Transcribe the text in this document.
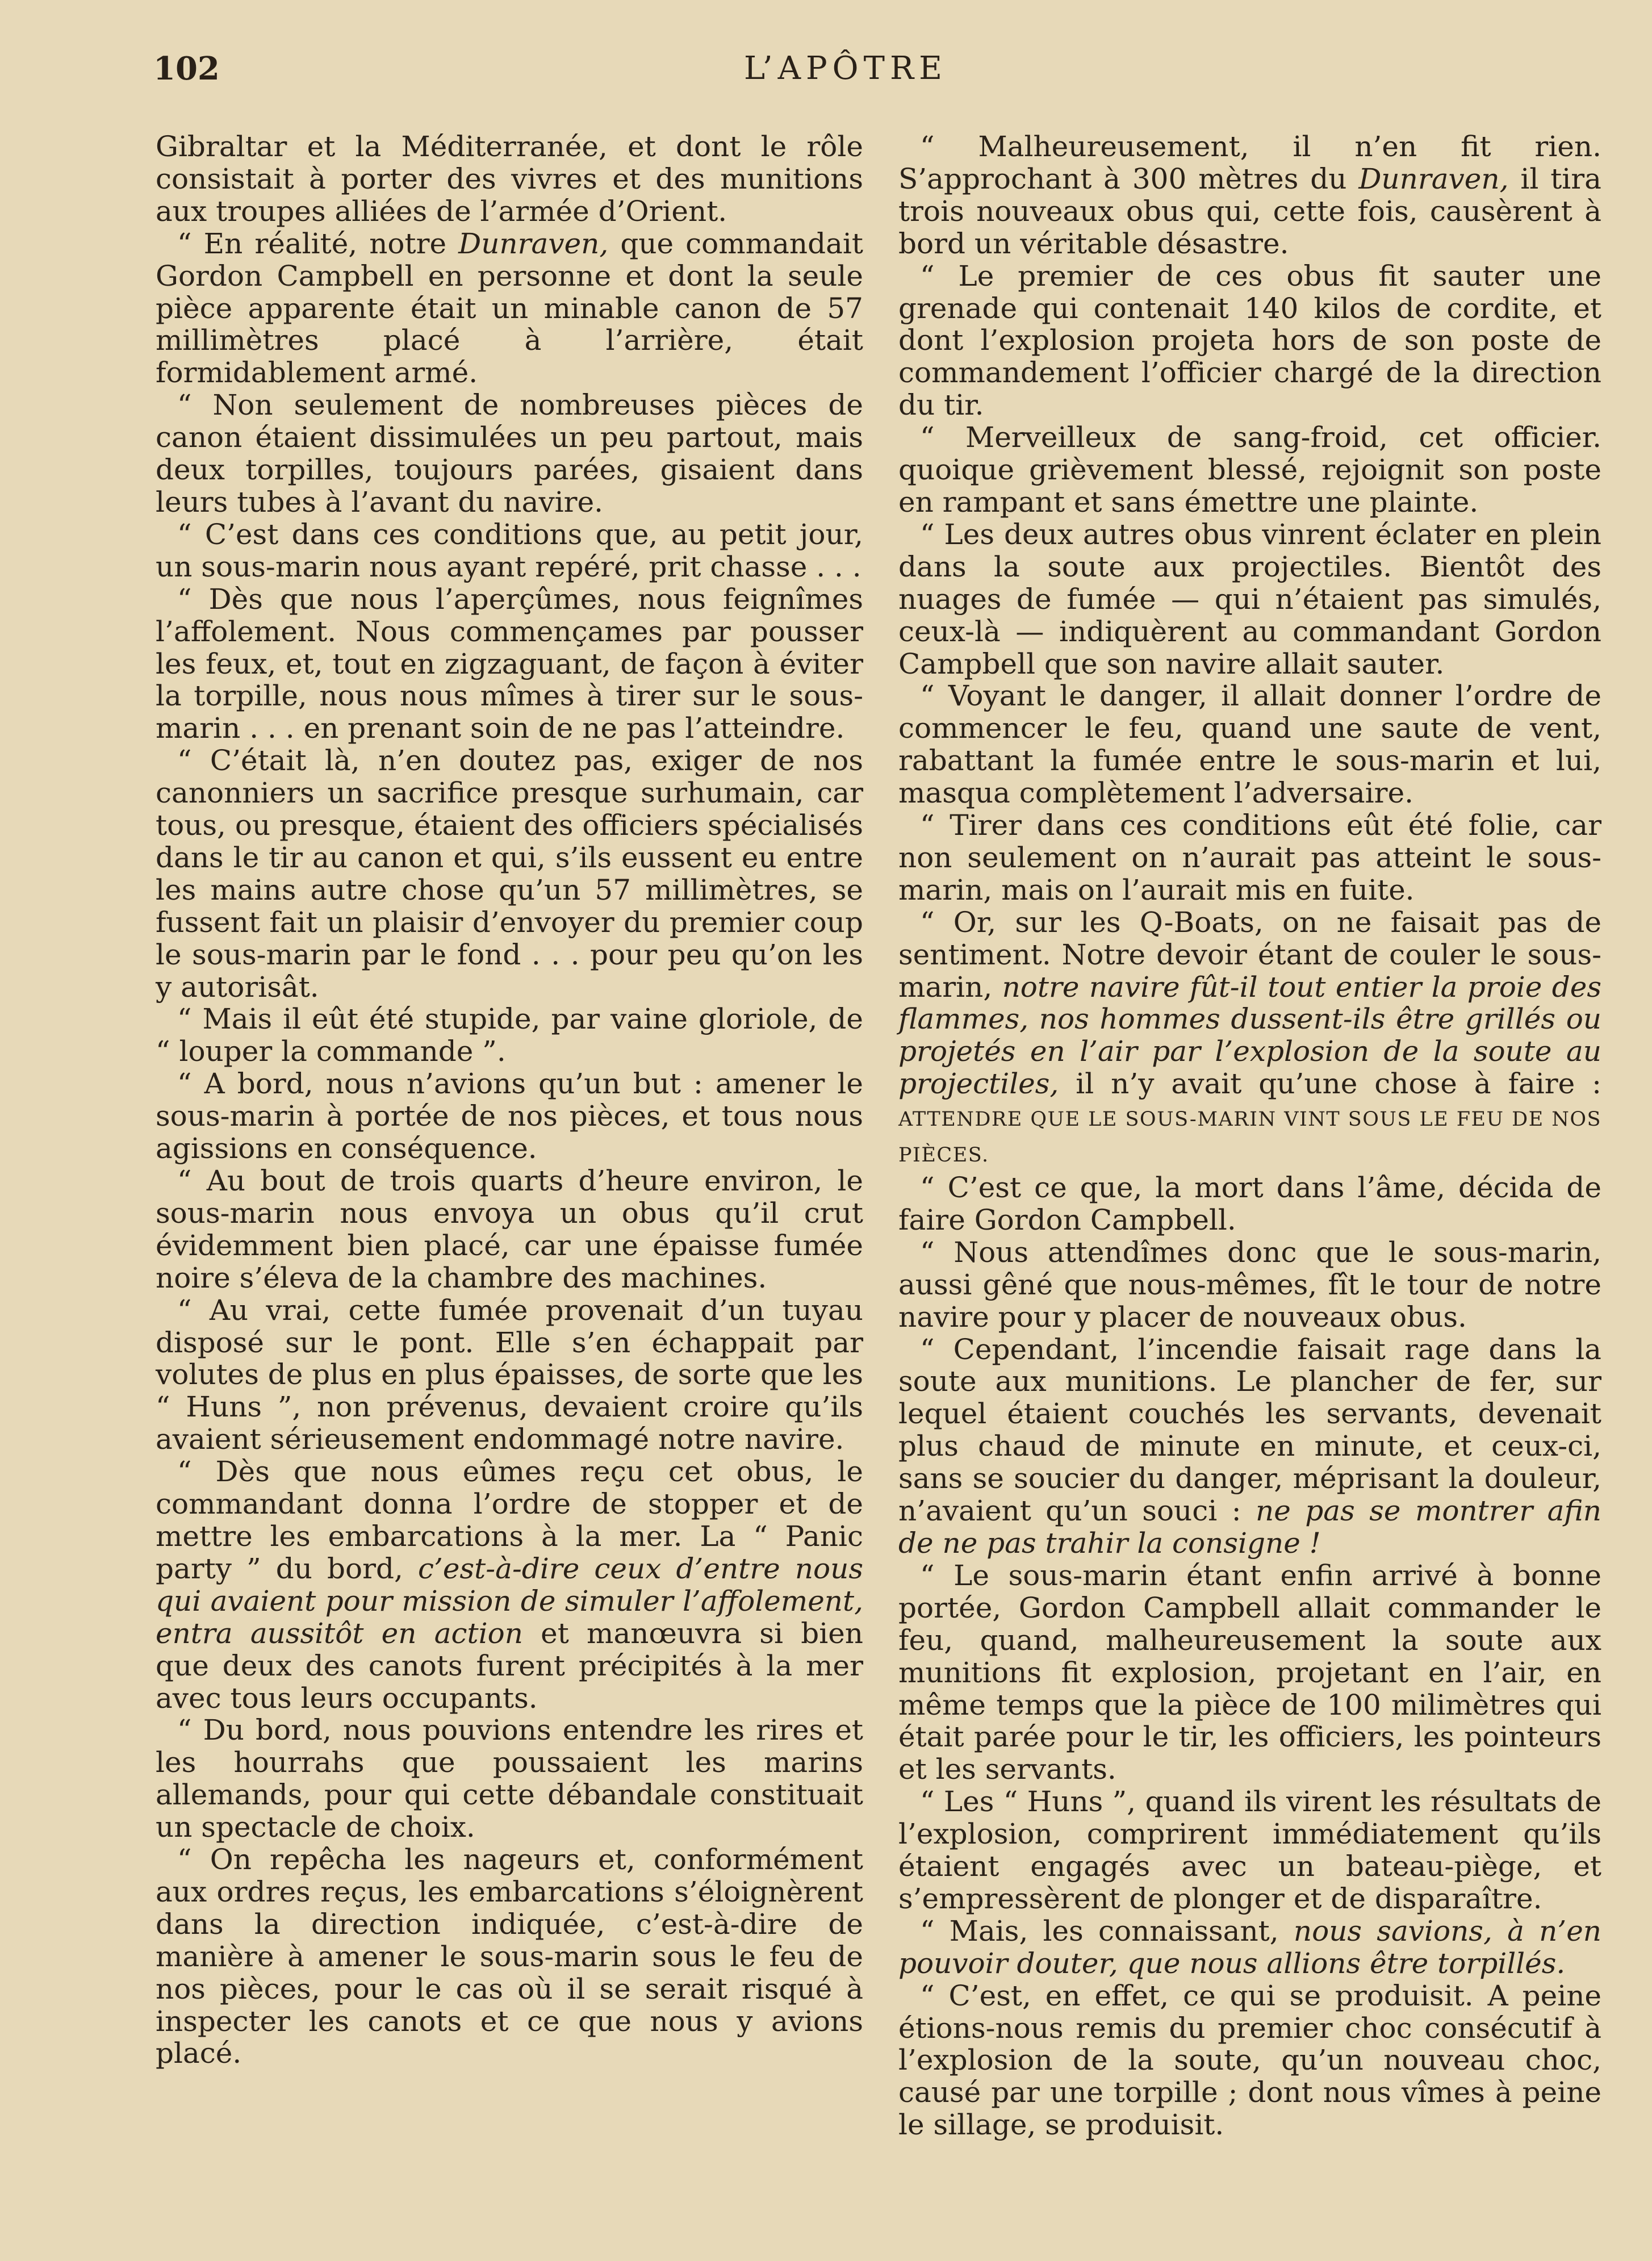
102	L’APÔTRE

Gibraltar et la Méditerranée, et dont le rôle consistait à porter des vivres et des munitions aux troupes alliées de l’armée d’Orient.

“ En réalité, notre Dunraven, que commandait Gordon Campbell en personne et dont la seule pièce apparente était un minable canon de 57 millimètres placé à l’arrière, était formidablement armé.

“ Non seulement de nombreuses pièces de canon étaient dissimulées un peu partout, mais deux torpilles, toujours parées, gisaient dans leurs tubes à l’avant du navire.

“ C’est dans ces conditions que, au petit jour, un sous-marin nous ayant repéré, prit chasse . . .

“ Dès que nous l’aperçûmes, nous feignîmes l’affolement. Nous commençames par pousser les feux, et, tout en zigzaguant, de façon à éviter la torpille, nous nous mîmes à tirer sur le sous-marin . . . en prenant soin de ne pas l’atteindre.

“ C’était là, n’en doutez pas, exiger de nos canonniers un sacrifice presque surhumain, car tous, ou presque, étaient des officiers spécialisés dans le tir au canon et qui, s’ils eussent eu entre les mains autre chose qu’un 57 millimètres, se fussent fait un plaisir d’envoyer du premier coup le sous-marin par le fond . . . pour peu qu’on les y autorisât.

“ Mais il eût été stupide, par vaine gloriole, de “ louper la commande ”.

“ A bord, nous n’avions qu’un but : amener le sous-marin à portée de nos pièces, et tous nous agissions en conséquence.

“ Au bout de trois quarts d’heure environ, le sous-marin nous envoya un obus qu’il crut évidemment bien placé, car une épaisse fumée noire s’éleva de la chambre des machines.

“ Au vrai, cette fumée provenait d’un tuyau disposé sur le pont. Elle s’en échappait par volutes de plus en plus épaisses, de sorte que les “ Huns ”, non prévenus, devaient croire qu’ils avaient sérieusement endommagé notre navire.

“ Dès que nous eûmes reçu cet obus, le commandant donna l’ordre de stopper et de mettre les embarcations à la mer. La “ Panic party ” du bord, c’est-à-dire ceux d’entre nous qui avaient pour mission de simuler l’affolement, entra aussitôt en action et manœuvra si bien que deux des canots furent précipités à la mer avec tous leurs occupants.

“ Du bord, nous pouvions entendre les rires et les hourrahs que poussaient les marins allemands, pour qui cette débandale constituait un spectacle de choix.

“ On repêcha les nageurs et, conformément aux ordres reçus, les embarcations s’éloignèrent dans la direction indiquée, c’est-à-dire de manière à amener le sous-marin sous le feu de nos pièces, pour le cas où il se serait risqué à inspecter les canots et ce que nous y avions placé.

“ Malheureusement, il n’en fit rien. S’approchant à 300 mètres du Dunraven, il tira trois nouveaux obus qui, cette fois, causèrent à bord un véritable désastre.

“ Le premier de ces obus fit sauter une grenade qui contenait 140 kilos de cordite, et dont l’explosion projeta hors de son poste de commandement l’officier chargé de la direction du tir.

“ Merveilleux de sang-froid, cet officier. quoique grièvement blessé, rejoignit son poste en rampant et sans émettre une plainte.

“ Les deux autres obus vinrent éclater en plein dans la soute aux projectiles. Bientôt des nuages de fumée — qui n’étaient pas simulés, ceux-là — indiquèrent au commandant Gordon Campbell que son navire allait sauter.

“ Voyant le danger, il allait donner l’ordre de commencer le feu, quand une saute de vent, rabattant la fumée entre le sous-marin et lui, masqua complètement l’adversaire.

“ Tirer dans ces conditions eût été folie, car non seulement on n’aurait pas atteint le sous-marin, mais on l’aurait mis en fuite.

“ Or, sur les Q-Boats, on ne faisait pas de sentiment. Notre devoir étant de couler le sous-marin, notre navire fût-il tout entier la proie des flammes, nos hommes dussent-ils être grillés ou projetés en l’air par l’explosion de la soute au projectiles, il n’y avait qu’une chose à faire : ATTENDRE QUE LE SOUS-MARIN VINT SOUS LE FEU DE NOS PIÈCES.

“ C’est ce que, la mort dans l’âme, décida de faire Gordon Campbell.

“ Nous attendîmes donc que le sous-marin, aussi gêné que nous-mêmes, fît le tour de notre navire pour y placer de nouveaux obus.

“ Cependant, l’incendie faisait rage dans la soute aux munitions. Le plancher de fer, sur lequel étaient couchés les servants, devenait plus chaud de minute en minute, et ceux-ci, sans se soucier du danger, méprisant la douleur, n’avaient qu’un souci : ne pas se montrer afin de ne pas trahir la consigne !

“ Le sous-marin étant enfin arrivé à bonne portée, Gordon Campbell allait commander le feu, quand, malheureusement la soute aux munitions fit explosion, projetant en l’air, en même temps que la pièce de 100 milimètres qui était parée pour le tir, les officiers, les pointeurs et les servants.

“ Les “ Huns ”, quand ils virent les résultats de l’explosion, comprirent immédiatement qu’ils étaient engagés avec un bateau-piège, et s’empressèrent de plonger et de disparaître.

“ Mais, les connaissant, nous savions, à n’en pouvoir douter, que nous allions être torpillés.

“ C’est, en effet, ce qui se produisit. A peine étions-nous remis du premier choc consécutif à l’explosion de la soute, qu’un nouveau choc, causé par une torpille ; dont nous vîmes à peine le sillage, se produisit.
